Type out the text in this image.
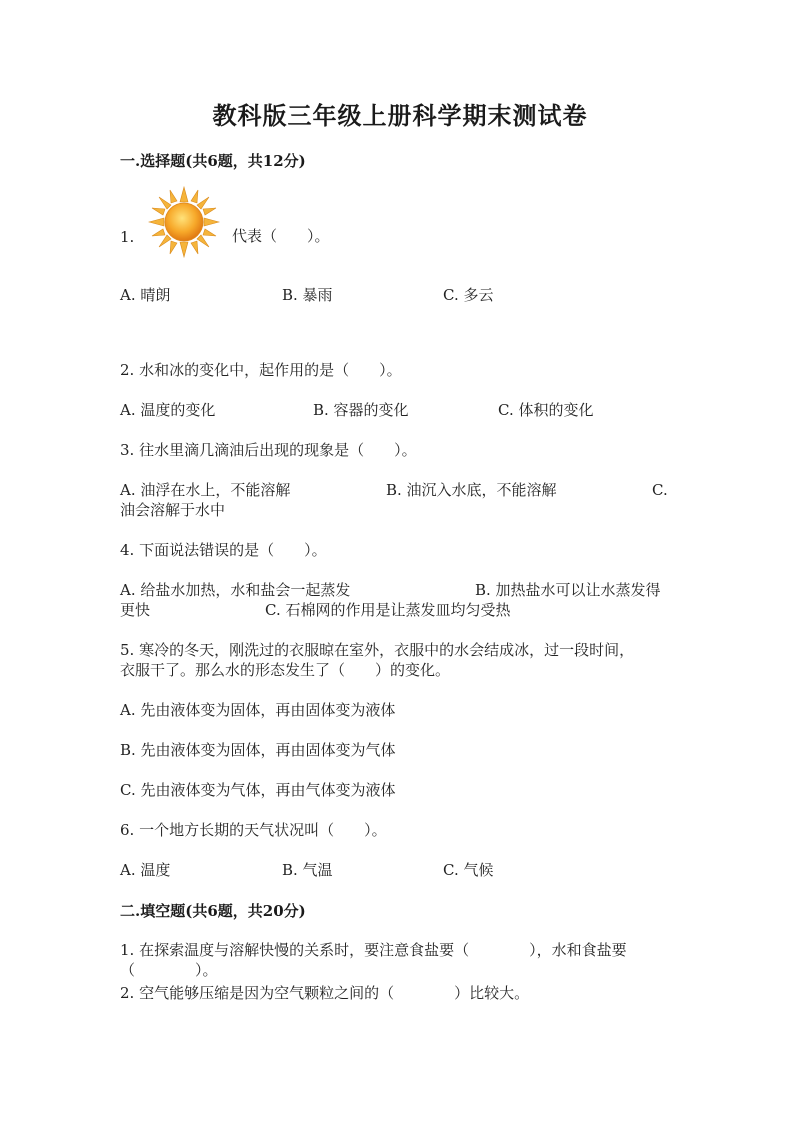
教科版三年级上册科学期末测试卷
一.选择题(共6题，共12分)
1.	代表（　　）。
A. 晴朗	B. 暴雨	C. 多云
2. 水和冰的变化中，起作用的是（　　）。
A. 温度的变化	B. 容器的变化	C. 体积的变化
3. 往水里滴几滴油后出现的现象是（　　）。
A. 油浮在水上，不能溶解	B. 油沉入水底，不能溶解	C.
油会溶解于水中
4. 下面说法错误的是（　　）。
A. 给盐水加热，水和盐会一起蒸发	B. 加热盐水可以让水蒸发得
更快	C. 石棉网的作用是让蒸发皿均匀受热
5. 寒冷的冬天，刚洗过的衣服晾在室外，衣服中的水会结成冰，过一段时间，
衣服干了。那么水的形态发生了（　　）的变化。
A. 先由液体变为固体，再由固体变为液体
B. 先由液体变为固体，再由固体变为气体
C. 先由液体变为气体，再由气体变为液体
6. 一个地方长期的天气状况叫（　　）。
A. 温度	B. 气温	C. 气候
二.填空题(共6题，共20分)
1. 在探索温度与溶解快慢的关系时，要注意食盐要（　　　　），水和食盐要
（　　　　）。
2. 空气能够压缩是因为空气颗粒之间的（　　　　）比较大。
